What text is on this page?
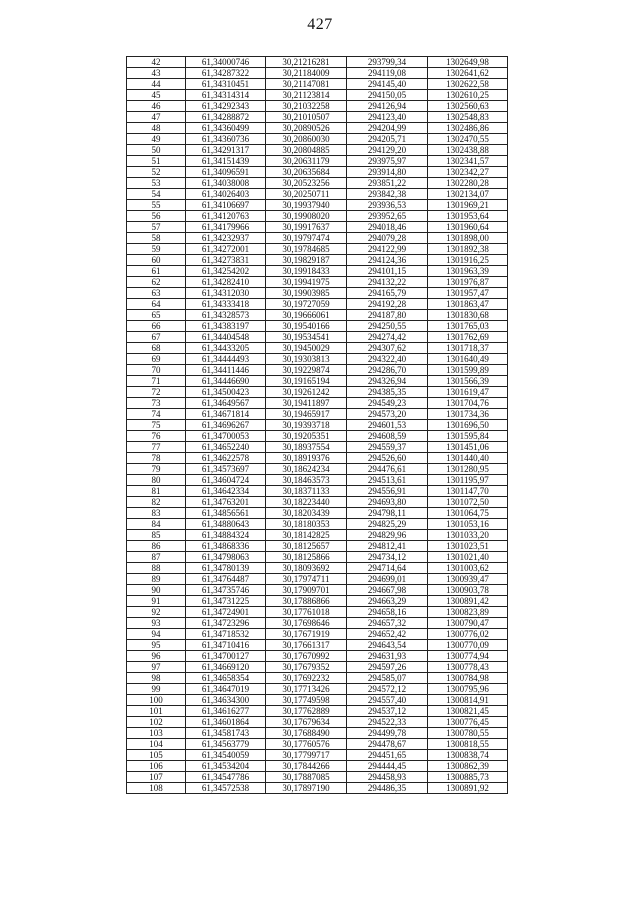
427
42	61,34000746	30,21216281	293799,34	1302649,98
43	61,34287322	30,21184009	294119,08	1302641,62
44	61,34310451	30,21147081	294145,40	1302622,58
45	61,34314314	30,21123814	294150,05	1302610,25
46	61,34292343	30,21032258	294126,94	1302560,63
47	61,34288872	30,21010507	294123,40	1302548,83
48	61,34360499	30,20890526	294204,99	1302486,86
49	61,34360736	30,20860030	294205,71	1302470,55
50	61,34291317	30,20804885	294129,20	1302438,88
51	61,34151439	30,20631179	293975,97	1302341,57
52	61,34096591	30,20635684	293914,80	1302342,27
53	61,34038008	30,20523256	293851,22	1302280,28
54	61,34026403	30,20250711	293842,38	1302134,07
55	61,34106697	30,19937940	293936,53	1301969,21
56	61,34120763	30,19908020	293952,65	1301953,64
57	61,34179966	30,19917637	294018,46	1301960,64
58	61,34232937	30,19797474	294079,28	1301898,00
59	61,34272001	30,19784685	294122,99	1301892,38
60	61,34273831	30,19829187	294124,36	1301916,25
61	61,34254202	30,19918433	294101,15	1301963,39
62	61,34282410	30,19941975	294132,22	1301976,87
63	61,34312030	30,19903985	294165,79	1301957,47
64	61,34333418	30,19727059	294192,28	1301863,47
65	61,34328573	30,19666061	294187,80	1301830,68
66	61,34383197	30,19540166	294250,55	1301765,03
67	61,34404548	30,19534541	294274,42	1301762,69
68	61,34433205	30,19450029	294307,62	1301718,37
69	61,34444493	30,19303813	294322,40	1301640,49
70	61,34411446	30,19229874	294286,70	1301599,89
71	61,34446690	30,19165194	294326,94	1301566,39
72	61,34500423	30,19261242	294385,35	1301619,47
73	61,34649567	30,19411897	294549,23	1301704,76
74	61,34671814	30,19465917	294573,20	1301734,36
75	61,34696267	30,19393718	294601,53	1301696,50
76	61,34700053	30,19205351	294608,59	1301595,84
77	61,34652240	30,18937554	294559,37	1301451,06
78	61,34622578	30,18919376	294526,60	1301440,40
79	61,34573697	30,18624234	294476,61	1301280,95
80	61,34604724	30,18463573	294513,61	1301195,97
81	61,34642334	30,18371133	294556,91	1301147,70
82	61,34763201	30,18223440	294693,80	1301072,50
83	61,34856561	30,18203439	294798,11	1301064,75
84	61,34880643	30,18180353	294825,29	1301053,16
85	61,34884324	30,18142825	294829,96	1301033,20
86	61,34868336	30,18125657	294812,41	1301023,51
87	61,34798063	30,18125866	294734,12	1301021,40
88	61,34780139	30,18093692	294714,64	1301003,62
89	61,34764487	30,17974711	294699,01	1300939,47
90	61,34735746	30,17909701	294667,98	1300903,78
91	61,34731225	30,17886866	294663,29	1300891,42
92	61,34724901	30,17761018	294658,16	1300823,89
93	61,34723296	30,17698646	294657,32	1300790,47
94	61,34718532	30,17671919	294652,42	1300776,02
95	61,34710416	30,17661317	294643,54	1300770,09
96	61,34700127	30,17670992	294631,93	1300774,94
97	61,34669120	30,17679352	294597,26	1300778,43
98	61,34658354	30,17692232	294585,07	1300784,98
99	61,34647019	30,17713426	294572,12	1300795,96
100	61,34634300	30,17749598	294557,40	1300814,91
101	61,34616277	30,17762889	294537,12	1300821,45
102	61,34601864	30,17679634	294522,33	1300776,45
103	61,34581743	30,17688490	294499,78	1300780,55
104	61,34563779	30,17760576	294478,67	1300818,55
105	61,34540059	30,17799717	294451,65	1300838,74
106	61,34534204	30,17844266	294444,45	1300862,39
107	61,34547786	30,17887085	294458,93	1300885,73
108	61,34572538	30,17897190	294486,35	1300891,92
